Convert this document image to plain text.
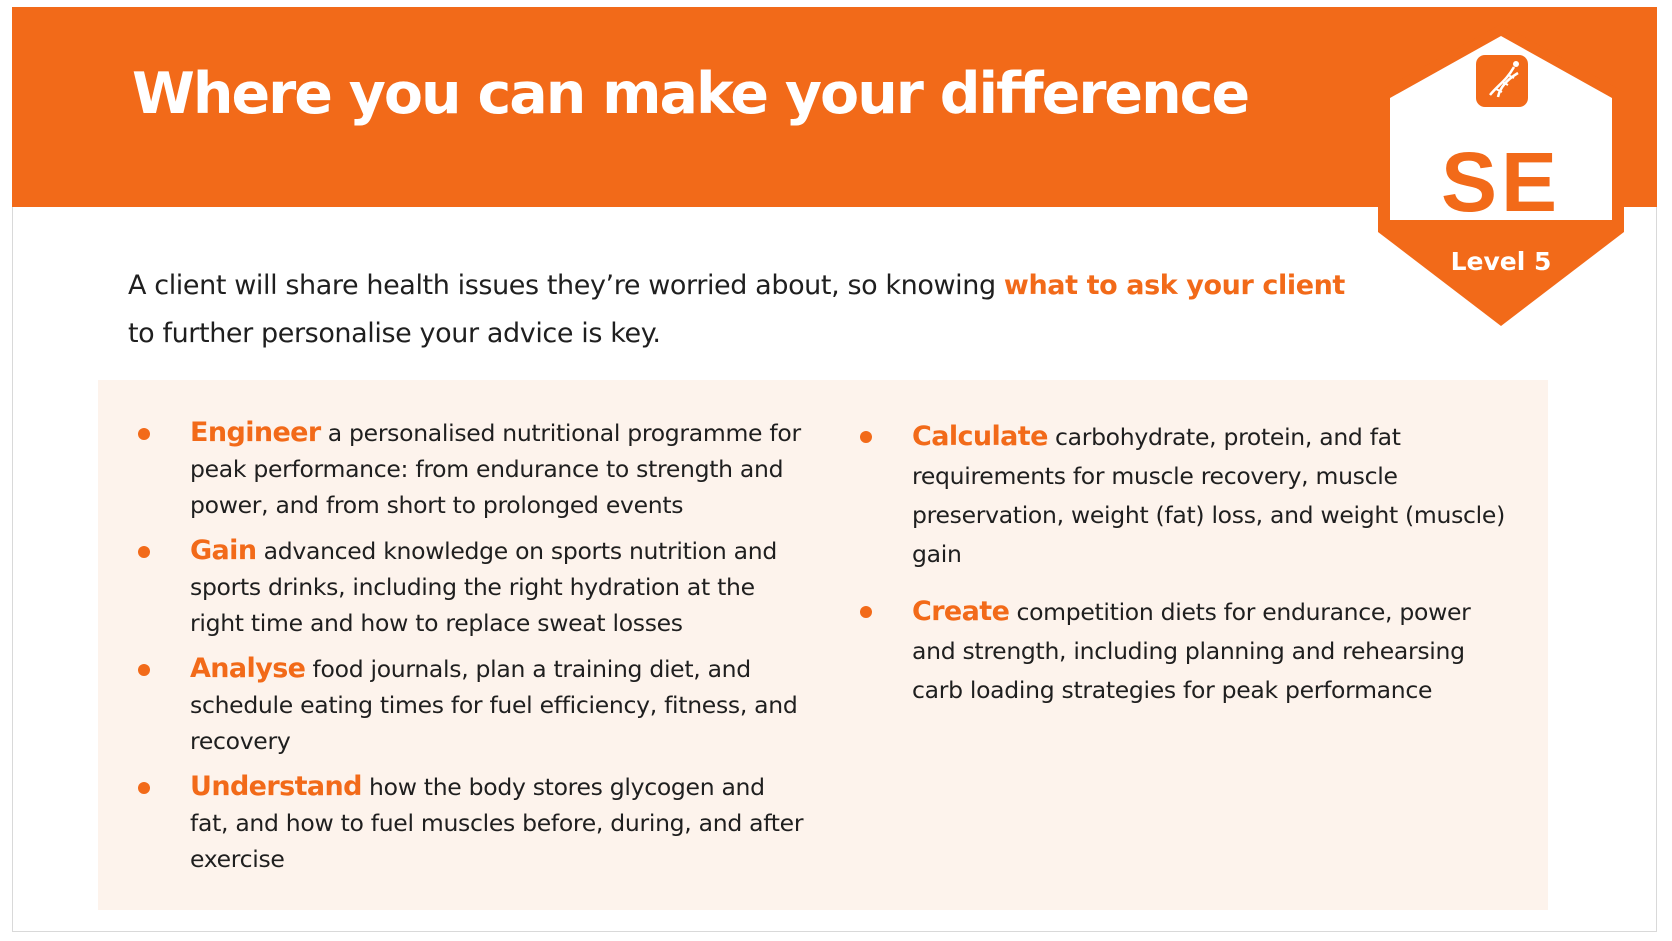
Where you can make your difference
SE
Level 5

A client will share health issues they’re worried about, so knowing what to ask your client
to further personalise your advice is key.

Engineer a personalised nutritional programme for peak performance: from endurance to strength and power, and from short to prolonged events
Gain advanced knowledge on sports nutrition and sports drinks, including the right hydration at the right time and how to replace sweat losses
Analyse food journals, plan a training diet, and schedule eating times for fuel efficiency, fitness, and recovery
Understand how the body stores glycogen and fat, and how to fuel muscles before, during, and after exercise
Calculate carbohydrate, protein, and fat requirements for muscle recovery, muscle preservation, weight (fat) loss, and weight (muscle) gain
Create competition diets for endurance, power and strength, including planning and rehearsing carb loading strategies for peak performance
